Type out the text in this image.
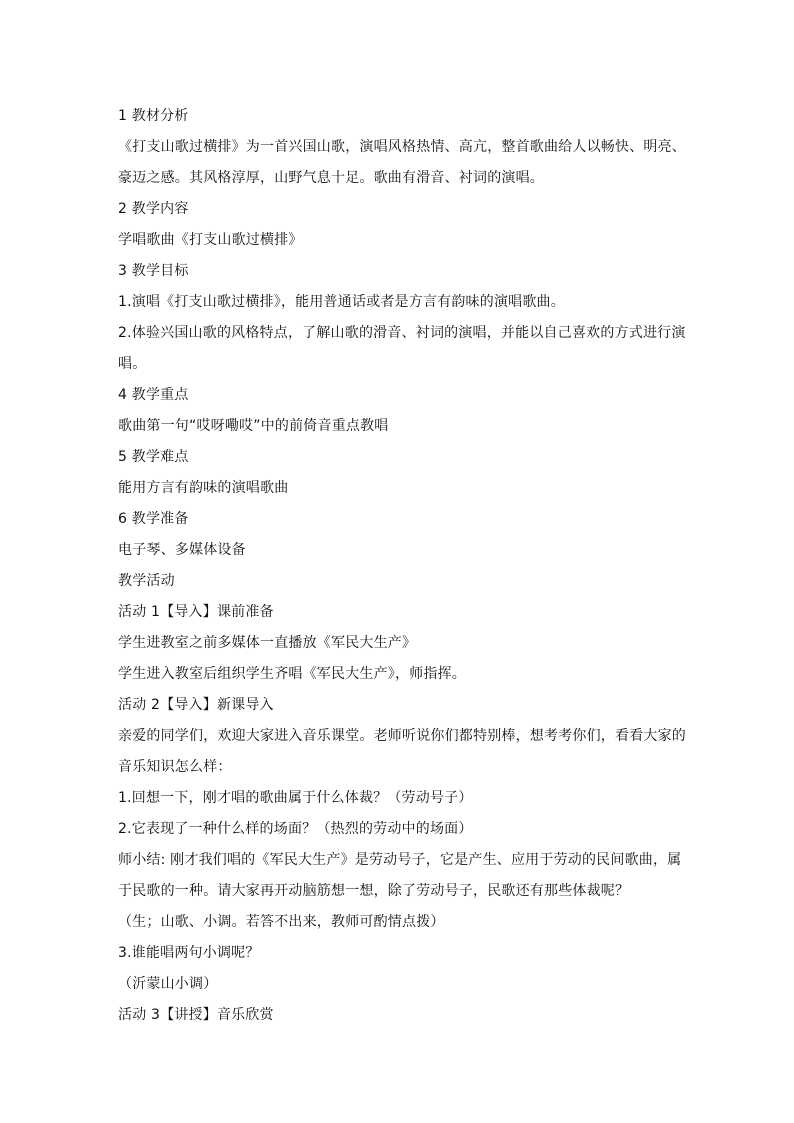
1 教材分析
《打支山歌过横排》为一首兴国山歌，演唱风格热情、高亢，整首歌曲给人以畅快、明亮、
豪迈之感。其风格淳厚，山野气息十足。歌曲有滑音、衬词的演唱。
2 教学内容
学唱歌曲《打支山歌过横排》
3 教学目标
1.演唱《打支山歌过横排》，能用普通话或者是方言有韵味的演唱歌曲。
2.体验兴国山歌的风格特点，了解山歌的滑音、衬词的演唱，并能以自己喜欢的方式进行演
唱。
4 教学重点
歌曲第一句“哎呀嘞哎”中的前倚音重点教唱
5 教学难点
能用方言有韵味的演唱歌曲
6 教学准备
电子琴、多媒体设备
教学活动
活动 1【导入】课前准备
学生进教室之前多媒体一直播放《军民大生产》
学生进入教室后组织学生齐唱《军民大生产》，师指挥。
活动 2【导入】新课导入
亲爱的同学们，欢迎大家进入音乐课堂。老师听说你们都特别棒，想考考你们，看看大家的
音乐知识怎么样：
1.回想一下，刚才唱的歌曲属于什么体裁？（劳动号子）
2.它表现了一种什么样的场面？（热烈的劳动中的场面）
师小结: 刚才我们唱的《军民大生产》是劳动号子，它是产生、应用于劳动的民间歌曲，属
于民歌的一种。请大家再开动脑筋想一想，除了劳动号子，民歌还有那些体裁呢？
（生；山歌、小调。若答不出来，教师可酌情点拨）
3.谁能唱两句小调呢？
（沂蒙山小调）
活动 3【讲授】音乐欣赏
